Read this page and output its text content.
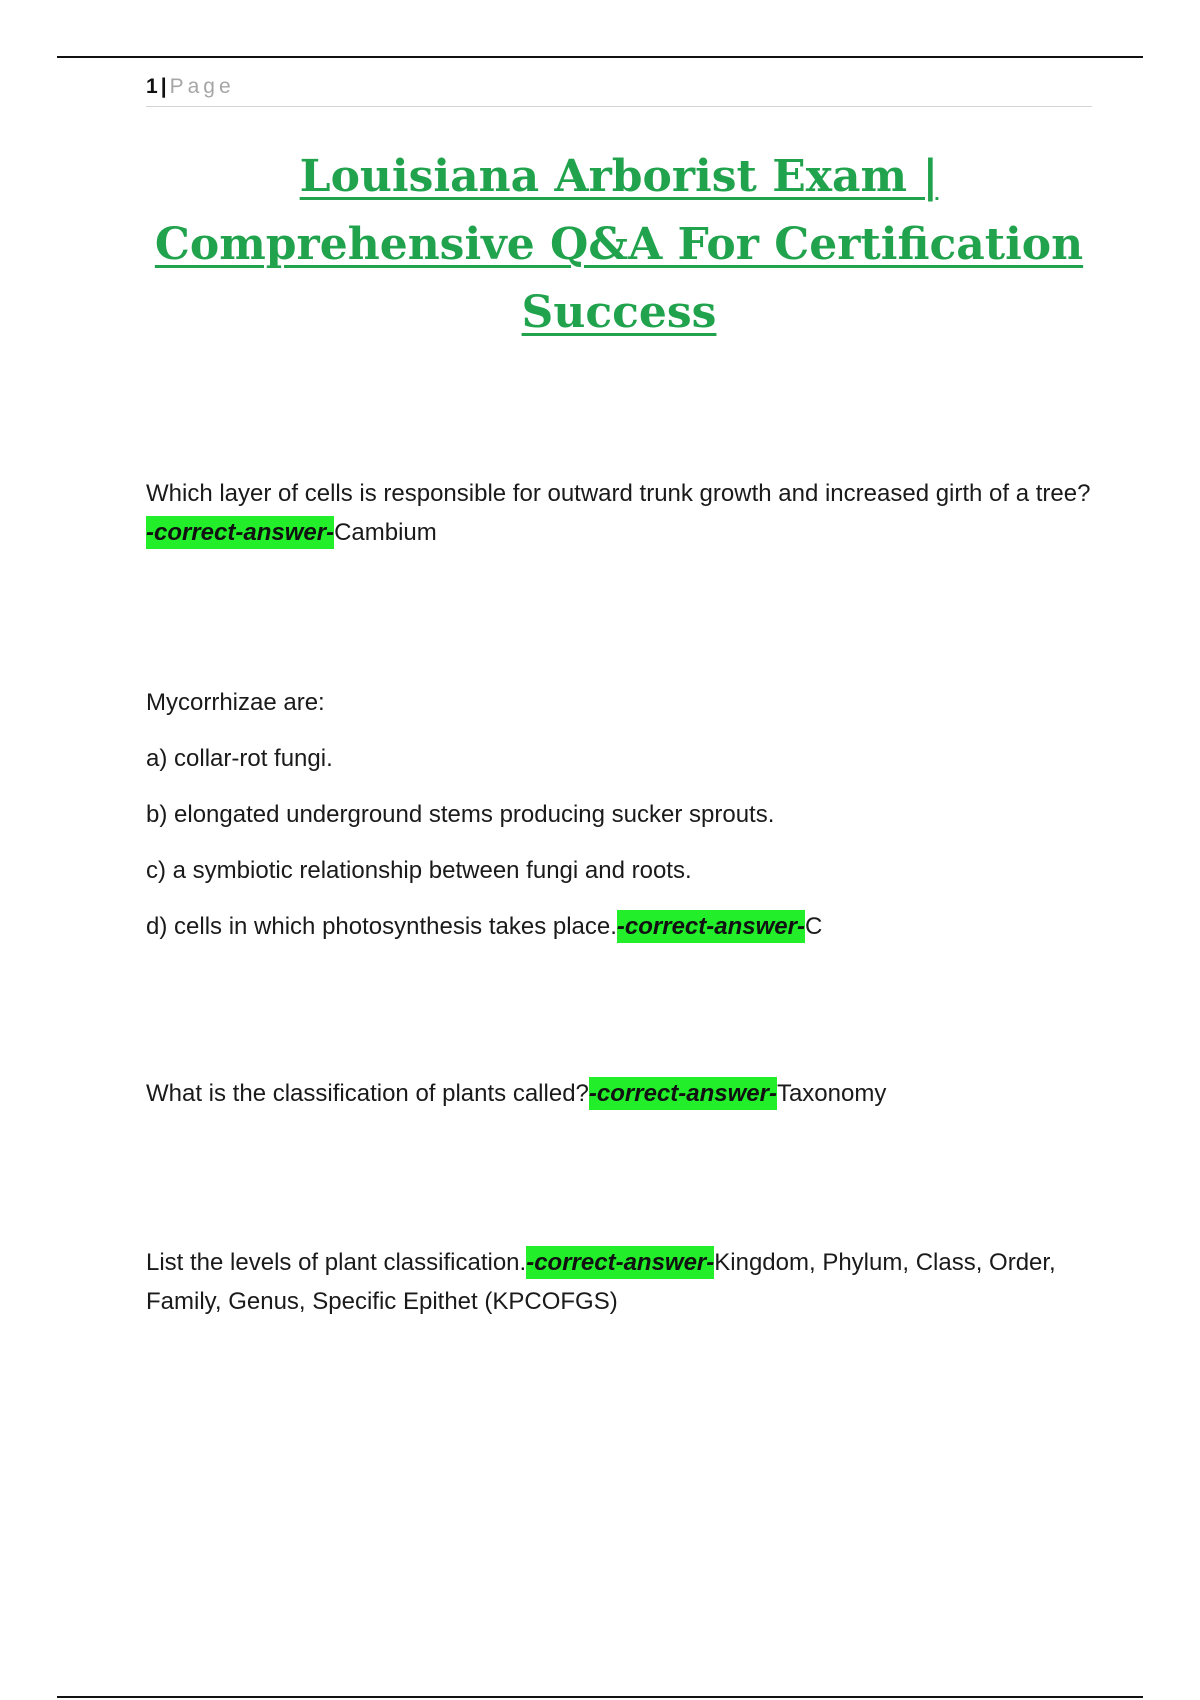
1 | Page
Louisiana Arborist Exam |
Comprehensive Q&A For Certification
Success

Which layer of cells is responsible for outward trunk growth and increased girth of a tree?-correct-answer-Cambium

Mycorrhizae are:

a) collar-rot fungi.

b) elongated underground stems producing sucker sprouts.

c) a symbiotic relationship between fungi and roots.

d) cells in which photosynthesis takes place.-correct-answer-C

What is the classification of plants called?-correct-answer-Taxonomy

List the levels of plant classification.-correct-answer-Kingdom, Phylum, Class, Order, Family, Genus, Specific Epithet (KPCOFGS)
